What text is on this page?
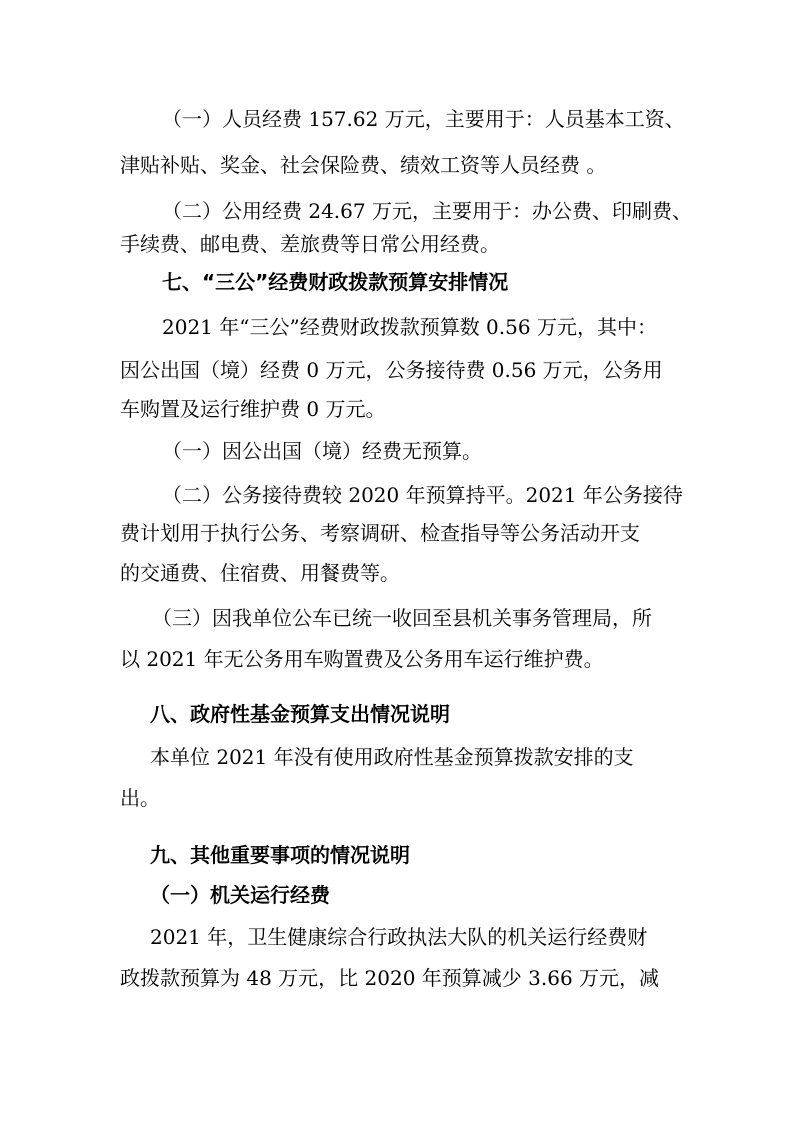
（一）人员经费 157.62 万元，主要用于：人员基本工资、

津贴补贴、奖金、社会保险费、绩效工资等人员经费 。

（二）公用经费 24.67 万元，主要用于：办公费、印刷费、

手续费、邮电费、差旅费等日常公用经费。

七、“三公”经费财政拨款预算安排情况

2021 年“三公”经费财政拨款预算数 0.56 万元，其中：

因公出国（境）经费 0 万元，公务接待费 0.56 万元，公务用

车购置及运行维护费 0 万元。

（一）因公出国（境）经费无预算。

（二）公务接待费较 2020 年预算持平。2021 年公务接待

费计划用于执行公务、考察调研、检查指导等公务活动开支

的交通费、住宿费、用餐费等。

（三）因我单位公车已统一收回至县机关事务管理局，所

以 2021 年无公务用车购置费及公务用车运行维护费。

八、政府性基金预算支出情况说明

本单位 2021 年没有使用政府性基金预算拨款安排的支

出。

九、其他重要事项的情况说明

（一）机关运行经费

2021 年，卫生健康综合行政执法大队的机关运行经费财

政拨款预算为 48 万元，比 2020 年预算减少 3.66 万元，减
